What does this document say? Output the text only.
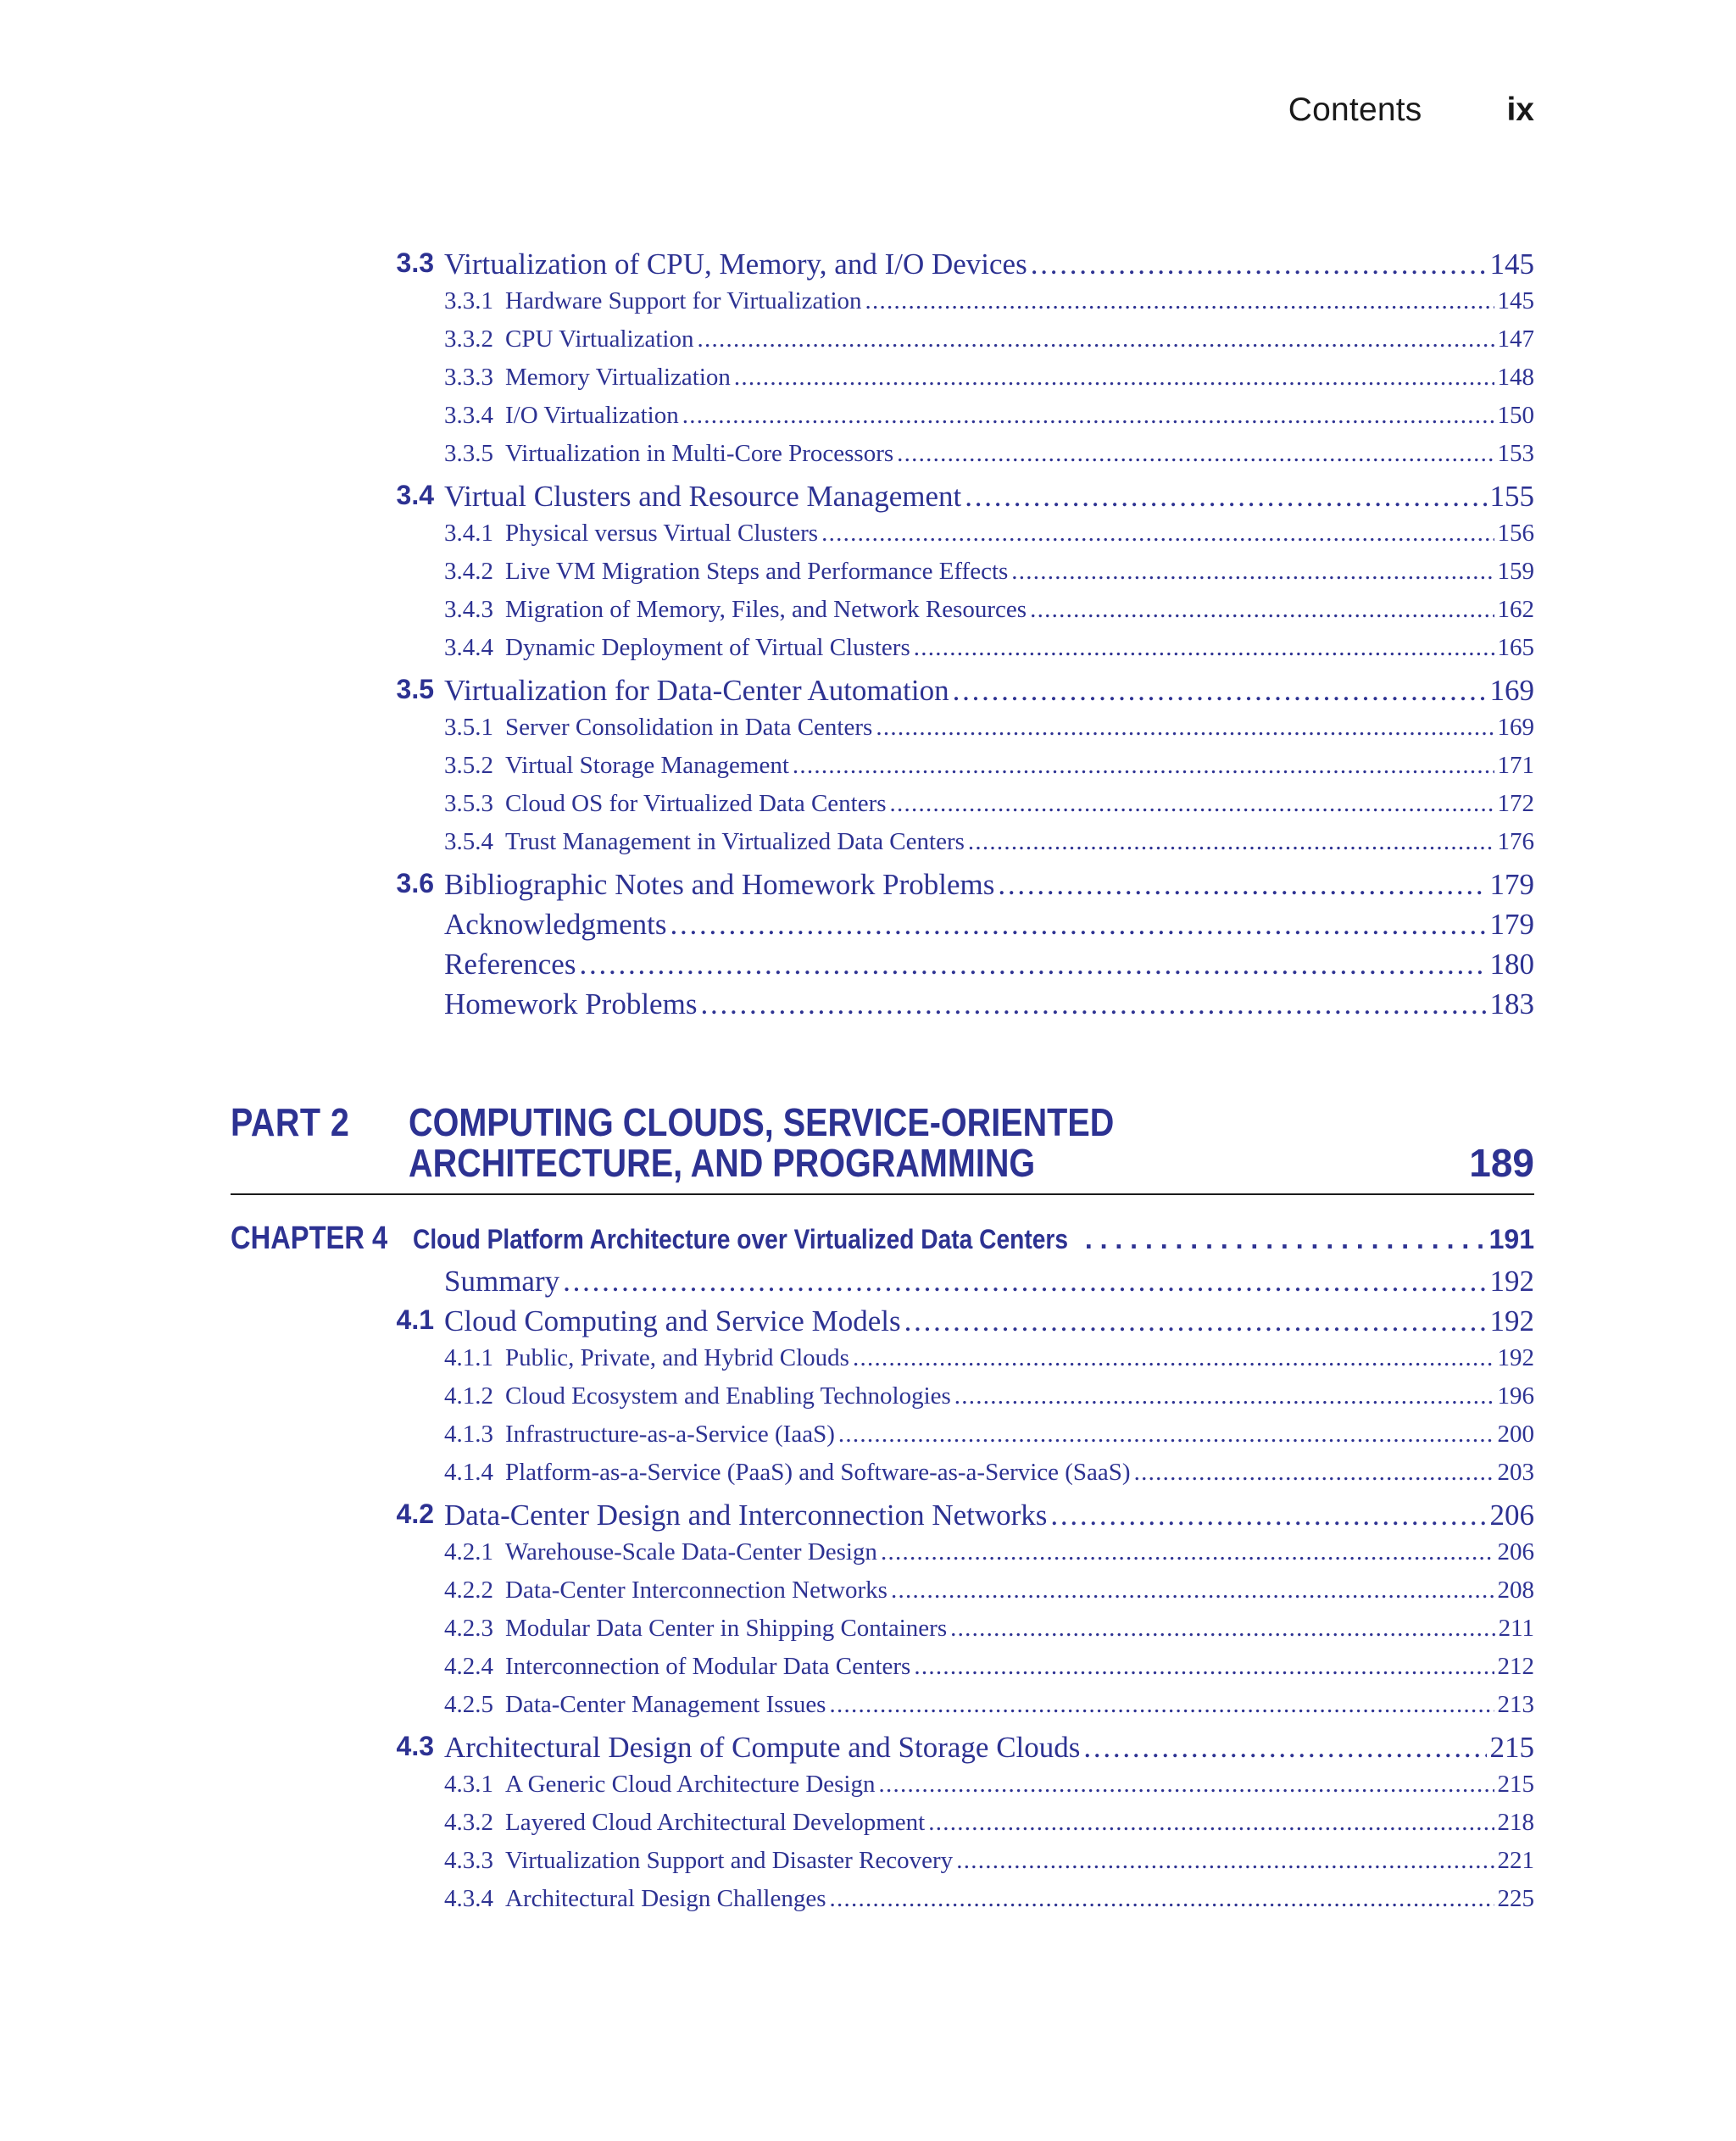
Contents	ix
3.3 Virtualization of CPU, Memory, and I/O Devices . . .	145
3.3.1 Hardware Support for Virtualization . . .	145
3.3.2 CPU Virtualization . . .	147
3.3.3 Memory Virtualization . . .	148
3.3.4 I/O Virtualization . . .	150
3.3.5 Virtualization in Multi-Core Processors . . .	153
3.4 Virtual Clusters and Resource Management . . .	155
3.4.1 Physical versus Virtual Clusters . . .	156
3.4.2 Live VM Migration Steps and Performance Effects . . .	159
3.4.3 Migration of Memory, Files, and Network Resources . . .	162
3.4.4 Dynamic Deployment of Virtual Clusters . . .	165
3.5 Virtualization for Data-Center Automation . . .	169
3.5.1 Server Consolidation in Data Centers . . .	169
3.5.2 Virtual Storage Management . . .	171
3.5.3 Cloud OS for Virtualized Data Centers . . .	172
3.5.4 Trust Management in Virtualized Data Centers . . .	176
3.6 Bibliographic Notes and Homework Problems . . .	179
Acknowledgments . . .	179
References . . .	180
Homework Problems . . .	183
PART 2 COMPUTING CLOUDS, SERVICE-ORIENTED
ARCHITECTURE, AND PROGRAMMING	189
CHAPTER 4 Cloud Platform Architecture over Virtualized Data Centers . . .	191
Summary . . .	192
4.1 Cloud Computing and Service Models . . .	192
4.1.1 Public, Private, and Hybrid Clouds . . .	192
4.1.2 Cloud Ecosystem and Enabling Technologies . . .	196
4.1.3 Infrastructure-as-a-Service (IaaS) . . .	200
4.1.4 Platform-as-a-Service (PaaS) and Software-as-a-Service (SaaS) . . .	203
4.2 Data-Center Design and Interconnection Networks . . .	206
4.2.1 Warehouse-Scale Data-Center Design . . .	206
4.2.2 Data-Center Interconnection Networks . . .	208
4.2.3 Modular Data Center in Shipping Containers . . .	211
4.2.4 Interconnection of Modular Data Centers . . .	212
4.2.5 Data-Center Management Issues . . .	213
4.3 Architectural Design of Compute and Storage Clouds . . .	215
4.3.1 A Generic Cloud Architecture Design . . .	215
4.3.2 Layered Cloud Architectural Development . . .	218
4.3.3 Virtualization Support and Disaster Recovery . . .	221
4.3.4 Architectural Design Challenges . . .	225
